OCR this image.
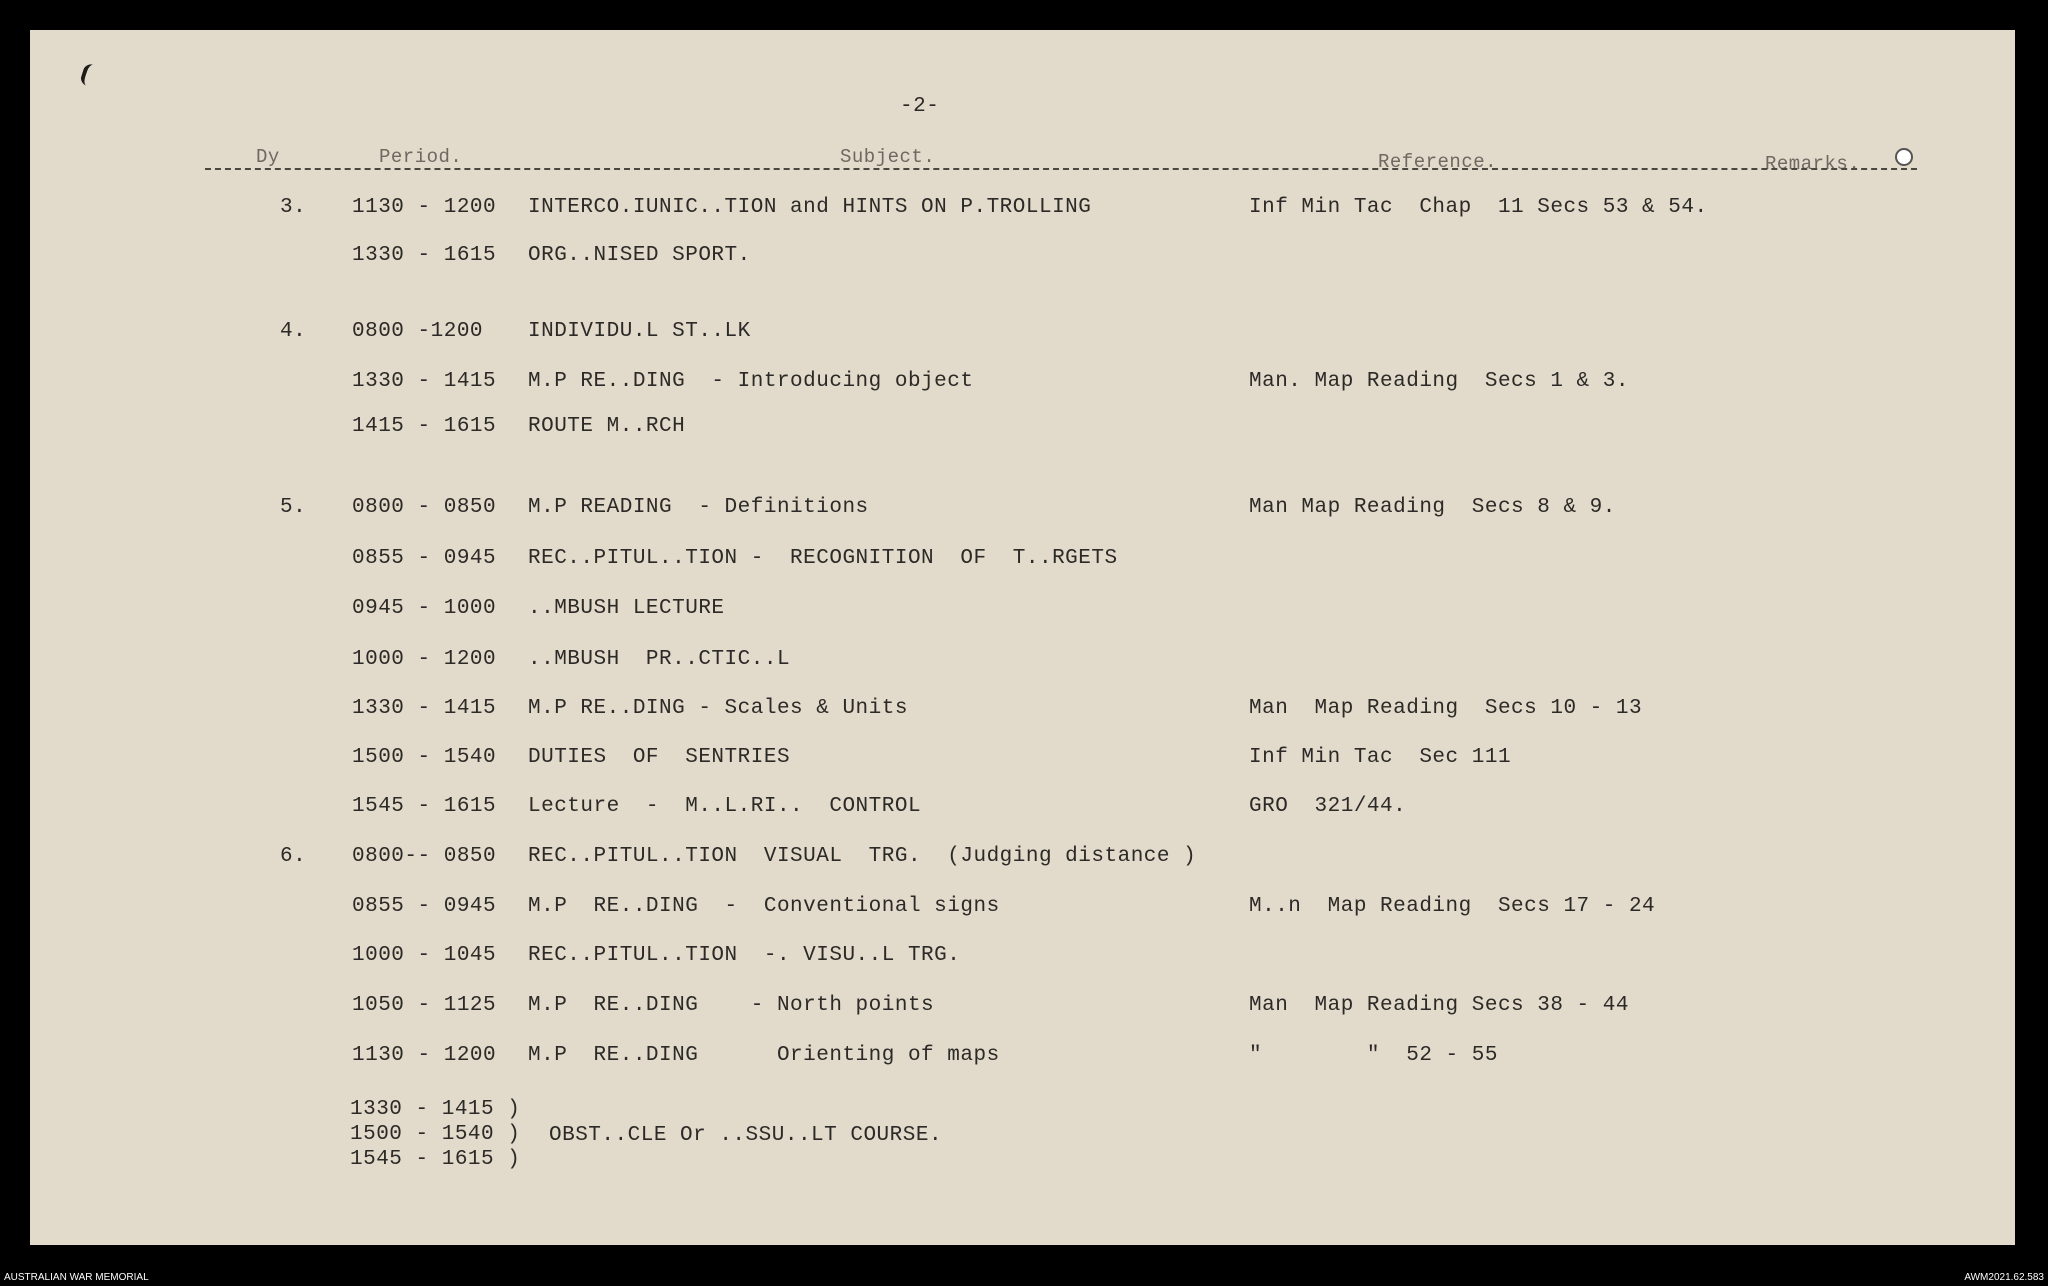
-2-
Dy	Period.	Subject.	Reference.	Remarks.
3. 1130 - 1200 INTERCO.IUNIC..TION and HINTS ON P.TROLLING	Inf Min Tac  Chap  11 Secs 53 & 54.
1330 - 1615 ORG..NISED SPORT.
4. 0800 -1200 INDIVIDU.L ST..LK
1330 - 1415 M.P RE..DING  - Introducing object	Man. Map Reading  Secs 1 & 3.
1415 - 1615 ROUTE M..RCH
5. 0800 - 0850 M.P READING  - Definitions	Man Map Reading  Secs 8 & 9.
0855 - 0945 REC..PITUL..TION -  RECOGNITION  OF  T..RGETS
0945 - 1000 ..MBUSH LECTURE
1000 - 1200 ..MBUSH  PR..CTIC..L
1330 - 1415 M.P RE..DING - Scales & Units	Man  Map Reading  Secs 10 - 13
1500 - 1540 DUTIES  OF  SENTRIES	Inf Min Tac  Sec 111
1545 - 1615 Lecture  -  M..L.RI..  CONTROL	GRO  321/44.
6. 0800-- 0850 REC..PITUL..TION  VISUAL  TRG.  (Judging distance )
0855 - 0945 M.P  RE..DING  -  Conventional signs	M..n  Map Reading  Secs 17 - 24
1000 - 1045 REC..PITUL..TION  -. VISU..L TRG.
1050 - 1125 M.P  RE..DING    - North points	Man  Map Reading Secs 38 - 44
1130 - 1200 M.P  RE..DING      Orienting of maps	"        "  52 - 55
1330 - 1415 )
1500 - 1540 )
1545 - 1615 )
OBST..CLE Or ..SSU..LT COURSE.
AUSTRALIAN WAR MEMORIAL	AWM2021.62.583
